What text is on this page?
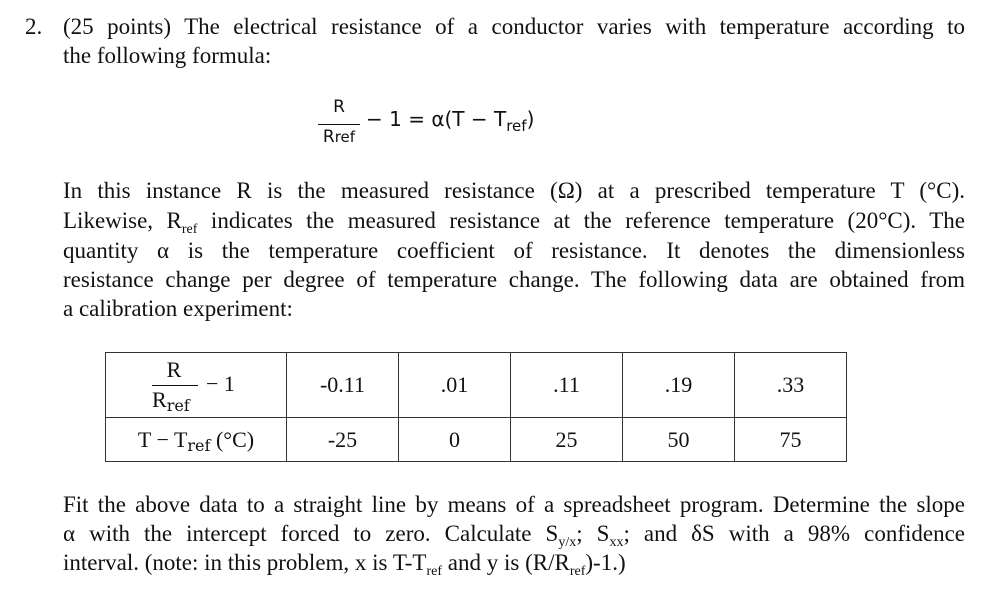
2. (25 points) The electrical resistance of a conductor varies with temperature according to
the following formula:
R
Rref
− $1 = \alpha(T - T_{ref})$
In this instance R is the measured resistance (Ω) at a prescribed temperature T (°C).
Likewise, $R_{ref}$ indicates the measured resistance at the reference temperature (20°C). The
quantity α is the temperature coefficient of resistance. It denotes the dimensionless
resistance change per degree of temperature change. The following data are obtained from
a calibration experiment:
R
Rref
− 1	-0.11	.01	.11	.19	.33
T − Tref (°C)	-25	0	25	50	75
Fit the above data to a straight line by means of a spreadsheet program. Determine the slope
α with the intercept forced to zero. Calculate $S_{y/x}$; $S_{xx}$; and δS with a 98% confidence
interval. (note: in this problem, x is $T-T_{ref}$ and y is $(R/R_{ref})-1$.)
